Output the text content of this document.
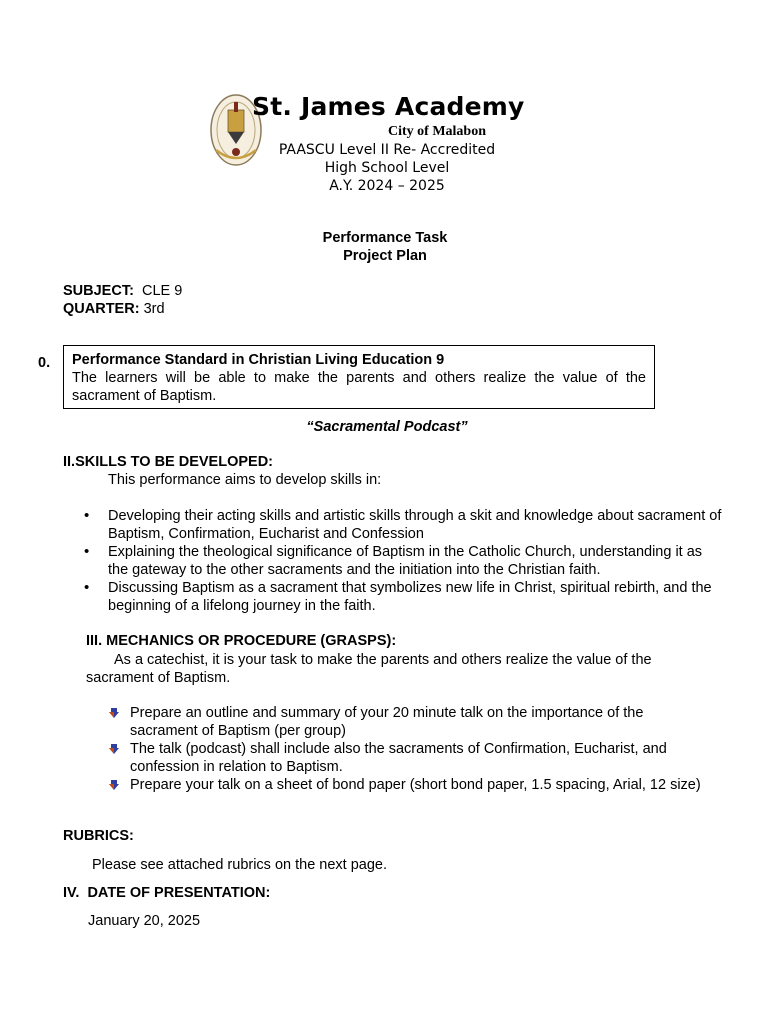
St. James Academy
City of Malabon
PAASCU Level II Re- Accredited
High School Level
A.Y. 2024 – 2025
Performance Task
Project Plan
SUBJECT: CLE 9
QUARTER: 3rd
0. Performance Standard in Christian Living Education 9
The learners will be able to make the parents and others realize the value of the sacrament of Baptism.
“Sacramental Podcast”
II.SKILLS TO BE DEVELOPED:
This performance aims to develop skills in:
• Developing their acting skills and artistic skills through a skit and knowledge about sacrament of Baptism, Confirmation, Eucharist and Confession
• Explaining the theological significance of Baptism in the Catholic Church, understanding it as the gateway to the other sacraments and the initiation into the Christian faith.
• Discussing Baptism as a sacrament that symbolizes new life in Christ, spiritual rebirth, and the beginning of a lifelong journey in the faith.
III. MECHANICS OR PROCEDURE (GRASPS):
As a catechist, it is your task to make the parents and others realize the value of the sacrament of Baptism.
Prepare an outline and summary of your 20 minute talk on the importance of the sacrament of Baptism (per group)
The talk (podcast) shall include also the sacraments of Confirmation, Eucharist, and confession in relation to Baptism.
Prepare your talk on a sheet of bond paper (short bond paper, 1.5 spacing, Arial, 12 size)
RUBRICS:
Please see attached rubrics on the next page.
IV.  DATE OF PRESENTATION:
January 20, 2025
